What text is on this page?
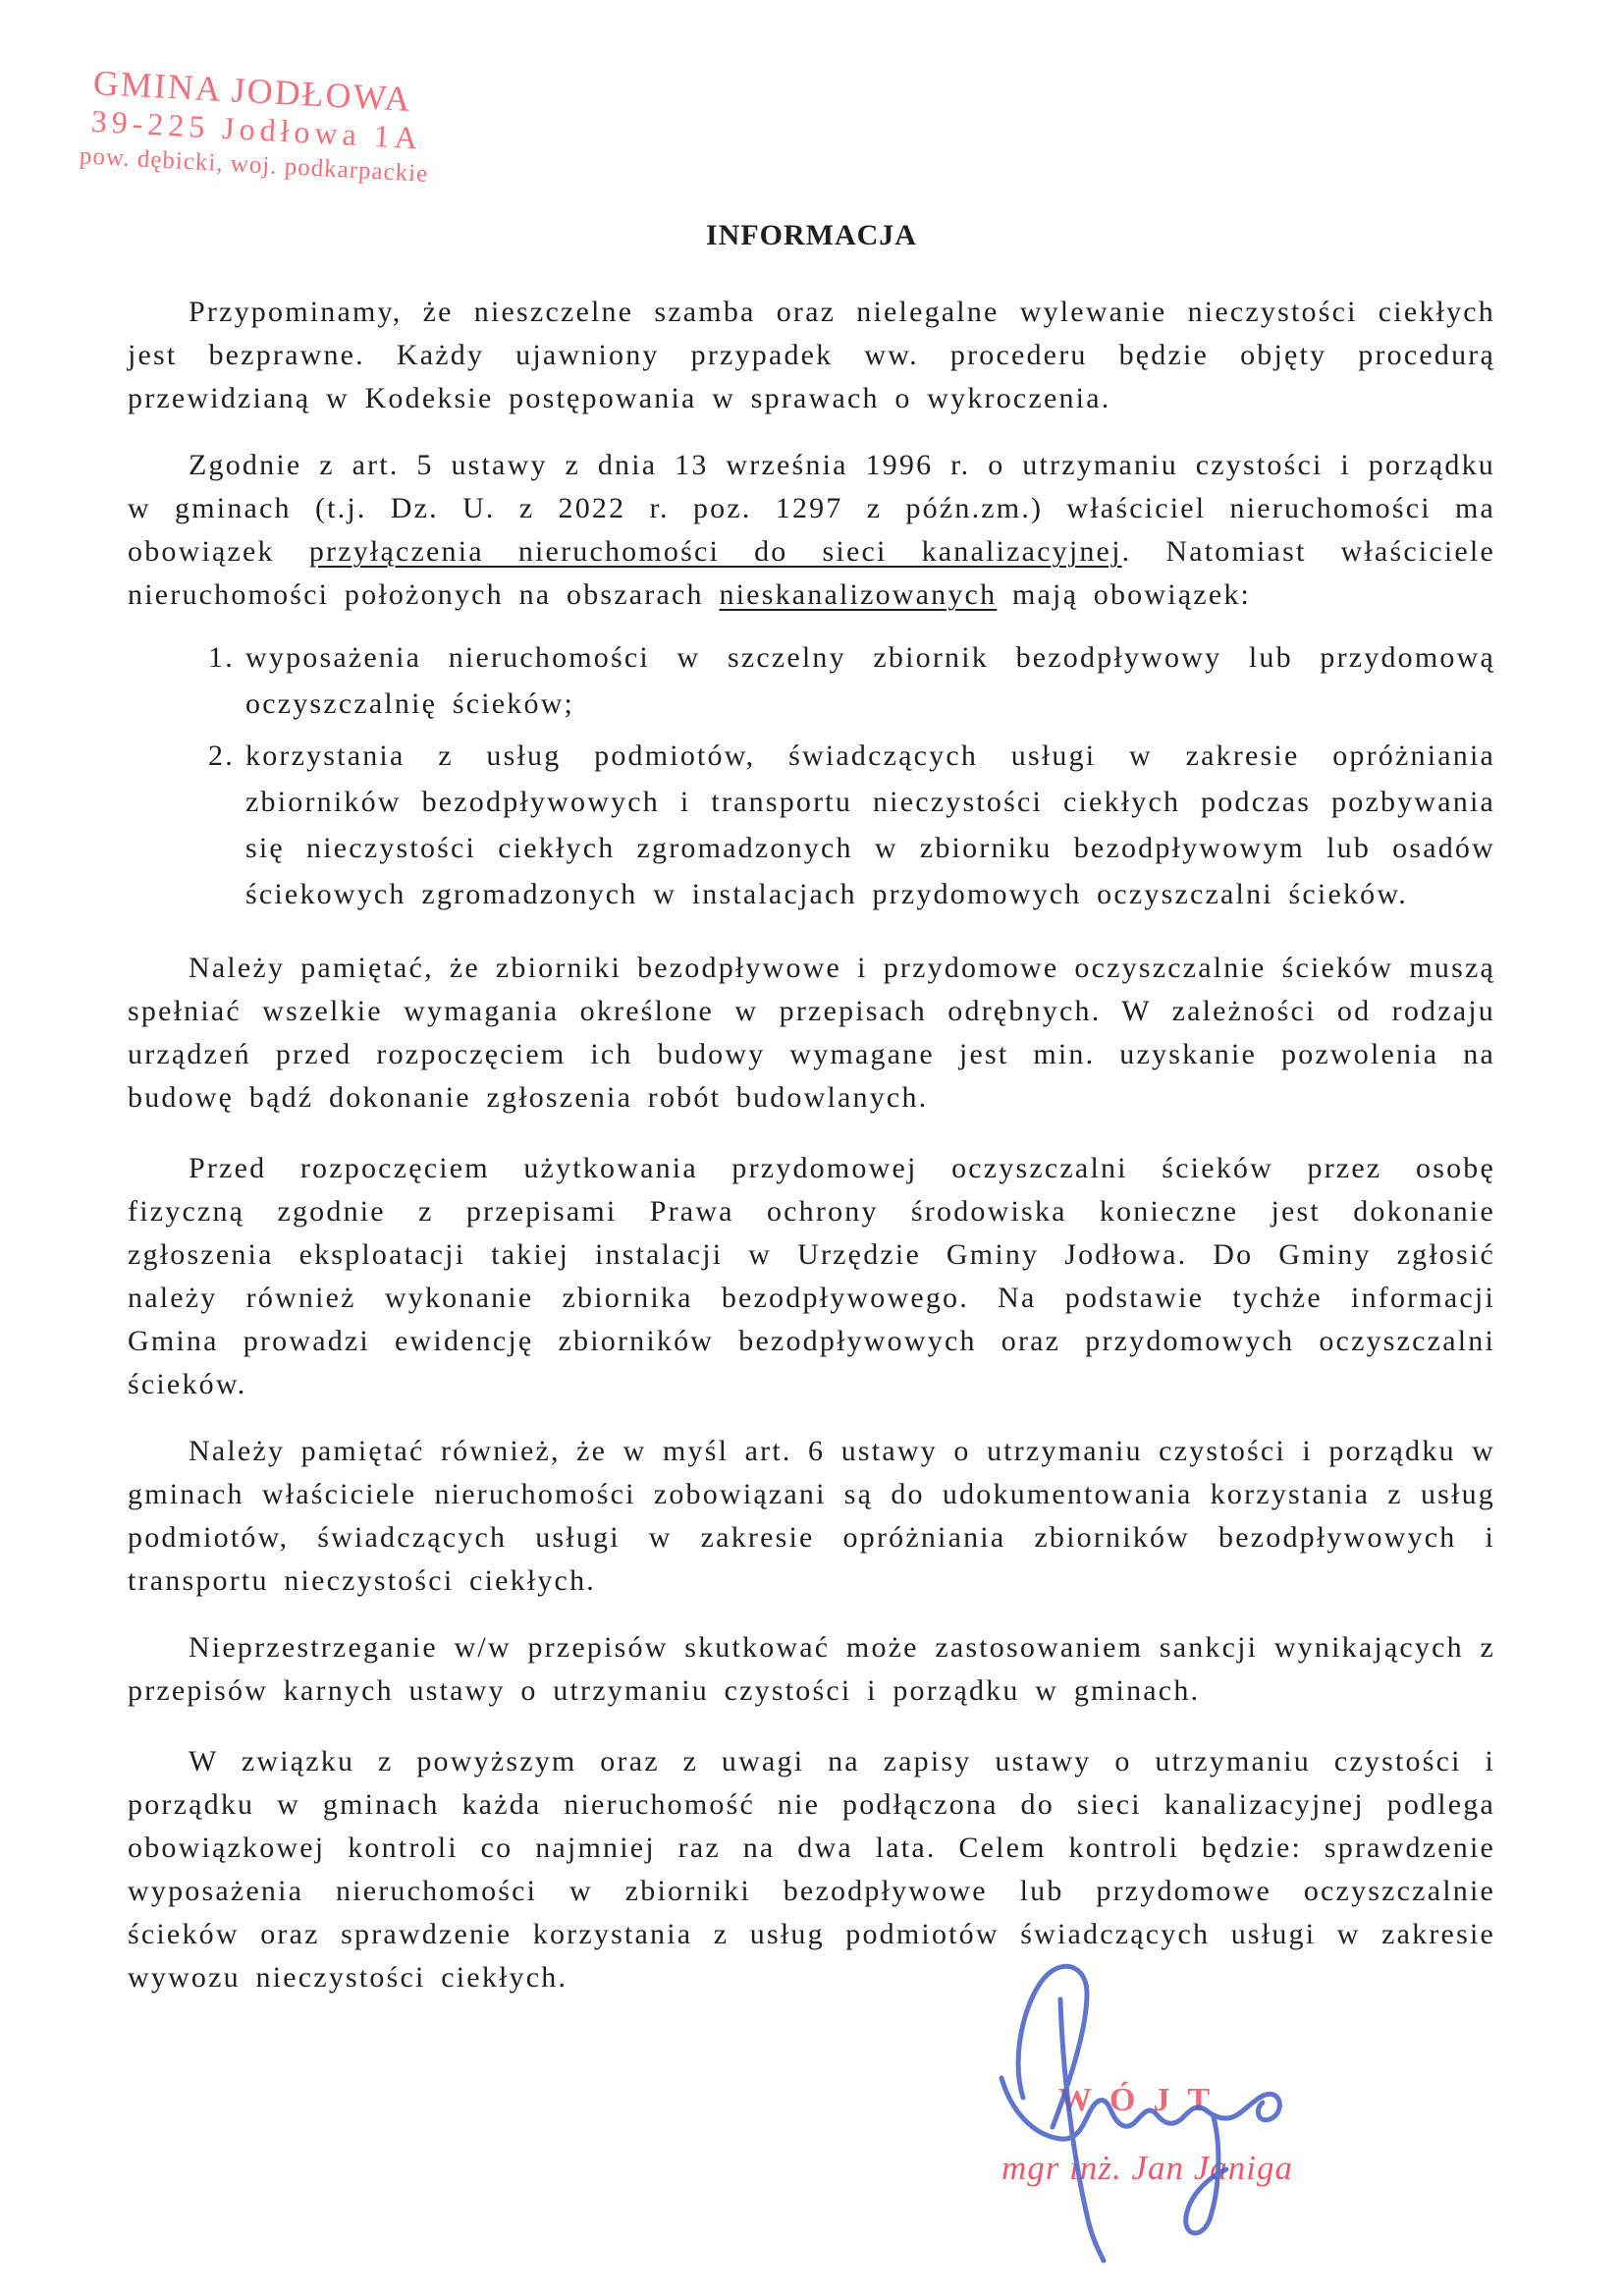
GMINA JODŁOWA
39-225 Jodłowa 1A
pow. dębicki, woj. podkarpackie
INFORMACJA

Przypominamy, że nieszczelne szamba oraz nielegalne wylewanie nieczystości ciekłych jest bezprawne. Każdy ujawniony przypadek ww. procederu będzie objęty procedurą przewidzianą w Kodeksie postępowania w sprawach o wykroczenia.

Zgodnie z art. 5 ustawy z dnia 13 września 1996 r. o utrzymaniu czystości i porządku w gminach (t.j. Dz. U. z 2022 r. poz. 1297 z późn.zm.) właściciel nieruchomości ma obowiązek przyłączenia nieruchomości do sieci kanalizacyjnej. Natomiast właściciele nieruchomości położonych na obszarach nieskanalizowanych mają obowiązek:

1. wyposażenia nieruchomości w szczelny zbiornik bezodpływowy lub przydomową oczyszczalnię ścieków;
2. korzystania z usług podmiotów, świadczących usługi w zakresie opróżniania zbiorników bezodpływowych i transportu nieczystości ciekłych podczas pozbywania się nieczystości ciekłych zgromadzonych w zbiorniku bezodpływowym lub osadów ściekowych zgromadzonych w instalacjach przydomowych oczyszczalni ścieków.

Należy pamiętać, że zbiorniki bezodpływowe i przydomowe oczyszczalnie ścieków muszą spełniać wszelkie wymagania określone w przepisach odrębnych. W zależności od rodzaju urządzeń przed rozpoczęciem ich budowy wymagane jest min. uzyskanie pozwolenia na budowę bądź dokonanie zgłoszenia robót budowlanych.

Przed rozpoczęciem użytkowania przydomowej oczyszczalni ścieków przez osobę fizyczną zgodnie z przepisami Prawa ochrony środowiska konieczne jest dokonanie zgłoszenia eksploatacji takiej instalacji w Urzędzie Gminy Jodłowa. Do Gminy zgłosić należy również wykonanie zbiornika bezodpływowego. Na podstawie tychże informacji Gmina prowadzi ewidencję zbiorników bezodpływowych oraz przydomowych oczyszczalni ścieków.

Należy pamiętać również, że w myśl art. 6 ustawy o utrzymaniu czystości i porządku w gminach właściciele nieruchomości zobowiązani są do udokumentowania korzystania z usług podmiotów, świadczących usługi w zakresie opróżniania zbiorników bezodpływowych i transportu nieczystości ciekłych.

Nieprzestrzeganie w/w przepisów skutkować może zastosowaniem sankcji wynikających z przepisów karnych ustawy o utrzymaniu czystości i porządku w gminach.

W związku z powyższym oraz z uwagi na zapisy ustawy o utrzymaniu czystości i porządku w gminach każda nieruchomość nie podłączona do sieci kanalizacyjnej podlega obowiązkowej kontroli co najmniej raz na dwa lata. Celem kontroli będzie: sprawdzenie wyposażenia nieruchomości w zbiorniki bezodpływowe lub przydomowe oczyszczalnie ścieków oraz sprawdzenie korzystania z usług podmiotów świadczących usługi w zakresie wywozu nieczystości ciekłych.

WÓJT
mgr inż. Jan Janiga
